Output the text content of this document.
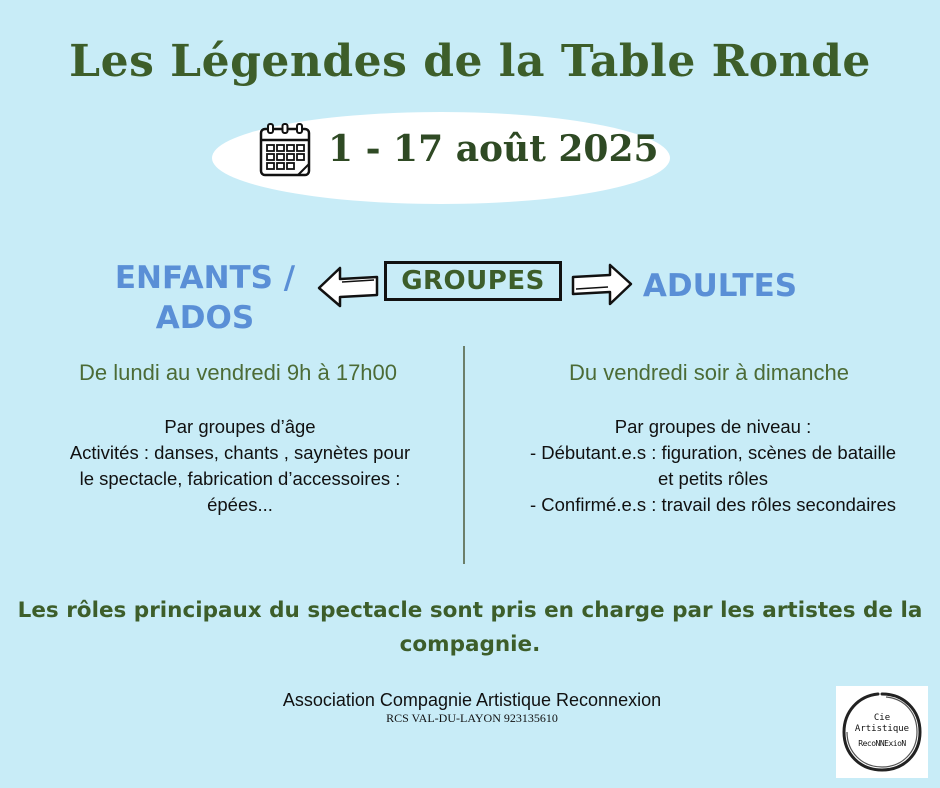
Les Légendes de la Table Ronde
1 - 17 août 2025
ENFANTS /
ADOS
GROUPES	ADULTES
De lundi au vendredi 9h à 17h00	Du vendredi soir à dimanche
Par groupes d’âge
Activités : danses, chants , saynètes pour
le spectacle, fabrication d’accessoires :
épées...
Par groupes de niveau :
- Débutant.e.s : figuration, scènes de bataille
et petits rôles
- Confirmé.e.s : travail des rôles secondaires
Les rôles principaux du spectacle sont pris en charge par les artistes de la
compagnie.
Association Compagnie Artistique Reconnexion
RCS VAL-DU-LAYON 923135610	Cie
Artistique
RecoNNExioN
